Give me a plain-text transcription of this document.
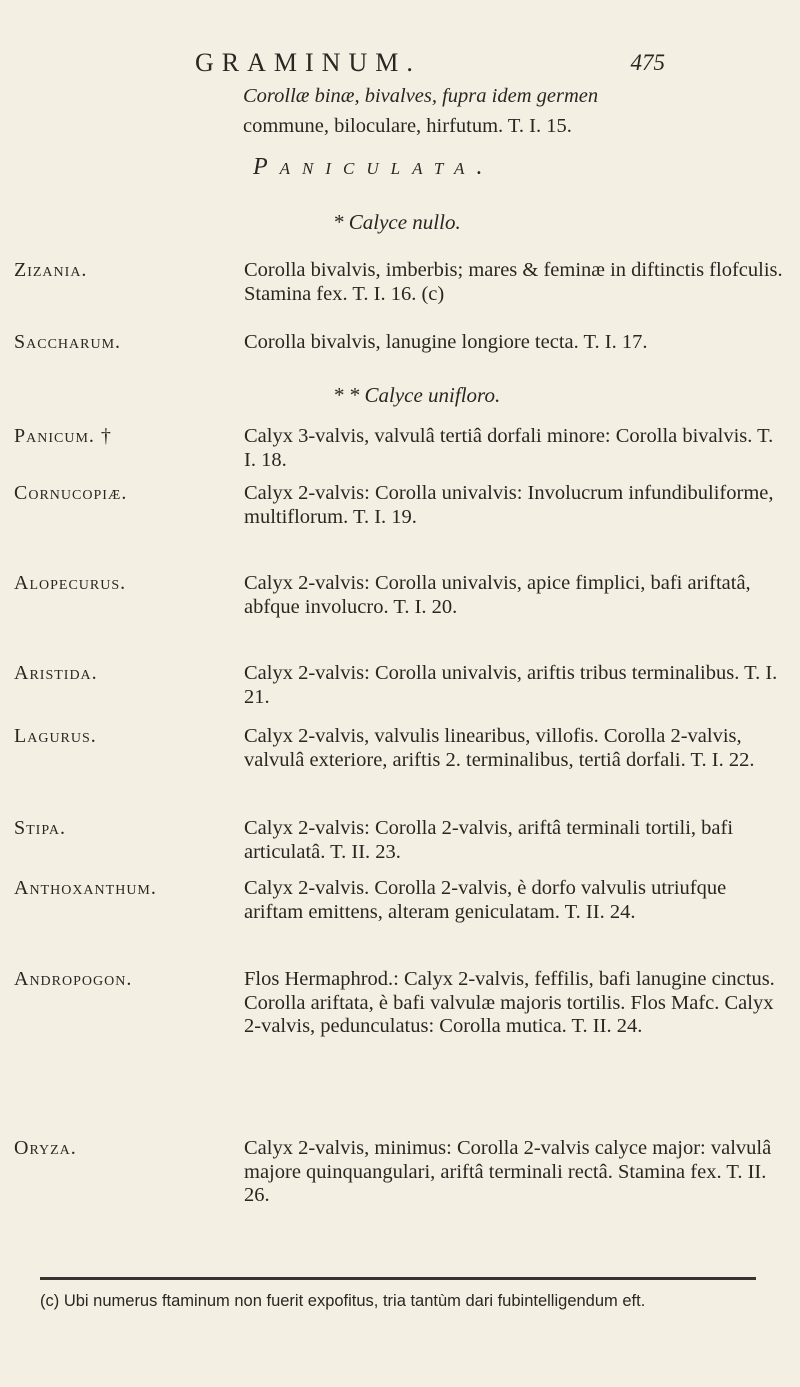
GRAMINUM.	475
Corollæ binæ, bivalves, fupra idem germen
commune, biloculare, hirfutum. T. I. 15.
Paniculata.
* Calyce nullo.
Zizania.	Corolla bivalvis, imberbis; mares & feminæ in diftinctis flofculis. Stamina fex. T. I. 16. (c)
Saccharum.	Corolla bivalvis, lanugine longiore tecta. T. I. 17.
* * Calyce unifloro.
Panicum. †	Calyx 3-valvis, valvulâ tertiâ dorfali minore: Corolla bivalvis. T. I. 18.
Cornucopiæ.	Calyx 2-valvis: Corolla univalvis: Involucrum infundibuliforme, multiflorum. T. I. 19.
Alopecurus.	Calyx 2-valvis: Corolla univalvis, apice fimplici, bafi ariftatâ, abfque involucro. T. I. 20.
Aristida.	Calyx 2-valvis: Corolla univalvis, ariftis tribus terminalibus. T. I. 21.
Lagurus.	Calyx 2-valvis, valvulis linearibus, villofis. Corolla 2-valvis, valvulâ exteriore, ariftis 2. terminalibus, tertiâ dorfali. T. I. 22.
Stipa.	Calyx 2-valvis: Corolla 2-valvis, ariftâ terminali tortili, bafi articulatâ. T. II. 23.
Anthoxanthum.	Calyx 2-valvis. Corolla 2-valvis, è dorfo valvulis utriufque ariftam emittens, alteram geniculatam. T. II. 24.
Andropogon.	Flos Hermaphrod.: Calyx 2-valvis, feffilis, bafi lanugine cinctus. Corolla ariftata, è bafi valvulæ majoris tortilis. Flos Mafc. Calyx 2-valvis, pedunculatus: Corolla mutica. T. II. 24.
Oryza.	Calyx 2-valvis, minimus: Corolla 2-valvis calyce major: valvulâ majore quinquangulari, ariftâ terminali rectâ. Stamina fex. T. II. 26.
(c) Ubi numerus ftaminum non fuerit expofitus, tria tantùm dari fubintelligendum eft.
